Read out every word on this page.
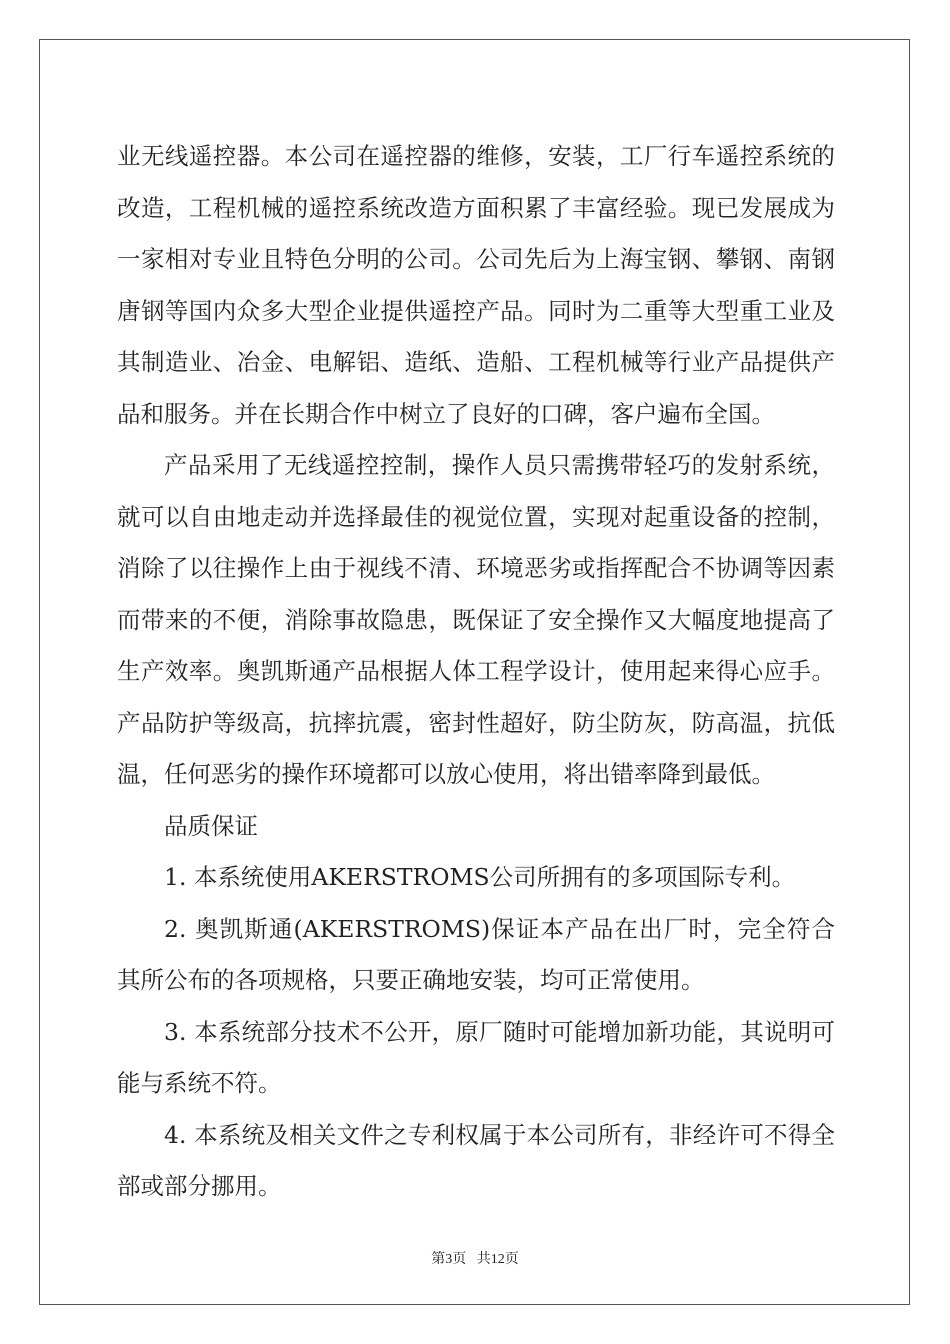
业无线遥控器。本公司在遥控器的维修，安装，工厂行车遥控系统的改造，工程机械的遥控系统改造方面积累了丰富经验。现已发展成为一家相对专业且特色分明的公司。公司先后为上海宝钢、攀钢、南钢唐钢等国内众多大型企业提供遥控产品。同时为二重等大型重工业及其制造业、冶金、电解铝、造纸、造船、工程机械等行业产品提供产品和服务。并在长期合作中树立了良好的口碑，客户遍布全国。

产品采用了无线遥控控制，操作人员只需携带轻巧的发射系统，就可以自由地走动并选择最佳的视觉位置，实现对起重设备的控制，消除了以往操作上由于视线不清、环境恶劣或指挥配合不协调等因素而带来的不便，消除事故隐患，既保证了安全操作又大幅度地提高了生产效率。奥凯斯通产品根据人体工程学设计，使用起来得心应手。产品防护等级高，抗摔抗震，密封性超好，防尘防灰，防高温，抗低温，任何恶劣的操作环境都可以放心使用，将出错率降到最低。

品质保证

1. 本系统使用AKERSTROMS公司所拥有的多项国际专利。

2. 奥凯斯通(AKERSTROMS)保证本产品在出厂时，完全符合其所公布的各项规格，只要正确地安装，均可正常使用。

3. 本系统部分技术不公开，原厂随时可能增加新功能，其说明可能与系统不符。

4. 本系统及相关文件之专利权属于本公司所有，非经许可不得全部或部分挪用。

第3页 共12页
